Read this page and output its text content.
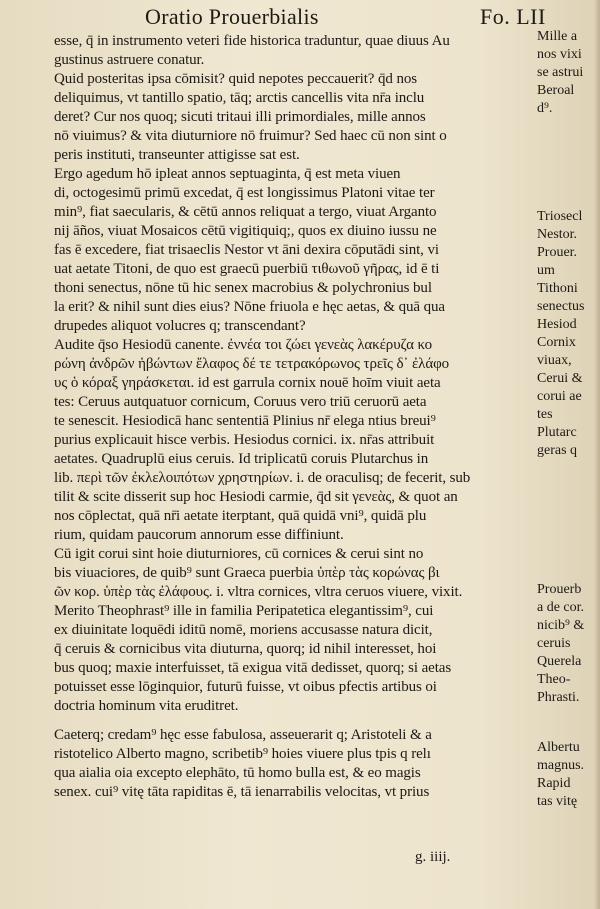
Oratio Prouerbialis	Fo. LII
esse, q̄ in instrumento veteri fide historica traduntur, quae diuus Au
gustinus astruere conatur.
Quid posteritas ipsa cōmisit? quid nepotes peccauerit? q̄d nos
deliquimus, vt tantillo spatio, tāq; arctis cancellis vita nr̄a inclu
deret? Cur nos quoq; sicuti tritaui illi primordiales, mille annos
nō viuimus? & vita diuturniore nō fruimur? Sed haec cū non sint o
peris instituti, transeunter attigisse sat est.
Ergo agedum hō ipleat annos septuaginta, q̄ est meta viuen
di, octogesimū primū excedat, q̄ est longissimus Platoni vitae ter
min⁹, fiat saecularis, & cētū annos reliquat a tergo, viuat Arganto
nij āños, viuat Mosaicos cētū vigitiquiq;, quos ex diuino iussu ne
fas ē excedere, fiat trisaeclis Nestor vt āni dexira cōputādi sint, vi
uat aetate Titoni, de quo est graecū puerbiū τιθωνοῦ γῆρας, id ē ti
thoni senectus, nōne tū hic senex macrobius & polychronius bul
la erit? & nihil sunt dies eius? Nōne friuola e hęc aetas, & quā qua
drupedes aliquot volucres q; transcendant?
Audite q̄so Hesiodū canente. ἐννέα τοι ζώει γενεὰς λακέρυζα κο
ρώνη ἀνδρῶν ἡβώντων ἔλαφος δέ τε τετρακόρωνος τρεῖς δ᾽ ἐλάφο
υς ὁ κόραξ γηράσκεται. id est garrula cornix nouē hoīm viuit aeta
tes: Ceruus autquatuor cornicum, Coruus vero triū ceruorū aeta
te senescit. Hesiodicā hanc sententiā Plinius nr̄ elega ntius breui⁹
purius explicauit hisce verbis. Hesiodus cornici. ix. nr̄as attribuit
aetates. Quadruplū eius ceruis. Id triplicatū coruis Plutarchus in
lib. περὶ τῶν ἐκλελοιπότων χρηστηρίων. i. de oraculisq; de fecerit, sub
tilit & scite disserit sup hoc Hesiodi carmie, q̄d sit γενεὰς, & quot an
nos cōplectat, quā nr̄i aetate iterptant, quā quidā vni⁹, quidā plu
rium, quidam paucorum annorum esse diffiniunt.
Cū igit corui sint hoie diuturniores, cū cornices & cerui sint no
bis viuaciores, de quib⁹ sunt Graeca puerbia ὑπὲρ τὰς κορώνας βι
ῶν κορ. ὑπὲρ τὰς ἐλάφους. i. vltra cornices, vltra ceruos viuere, vixit.
Merito Theophrast⁹ ille in familia Peripatetica elegantissim⁹, cui
ex diuinitate loquēdi iditū nomē, moriens accusasse natura dicit,
q̄ ceruis & cornicibus vita diuturna, quorq; id nihil interesset, hoi
bus quoq; maxie interfuisset, tā exigua vitā dedisset, quorq; si aetas
potuisset esse lōginquior, futurū fuisse, vt oibus pfectis artibus oi
doctria hominum vita eruditret.
Caeterq; credam⁹ hęc esse fabulosa, asseuerarit q; Aristoteli & a
ristotelico Alberto magno, scribetib⁹ hoies viuere plus tpis q relı
qua aialia oia excepto elephāto, tū homo bulla est, & eo magis
senex. cui⁹ vitę tāta rapiditas ē, tā ienarrabilis velocitas, vt prius
Mille a
nos vixi
se astrui
Beroal
d⁹.
Triosecl
Nestor.
Prouer.
um
Tithoni
senectus
Hesiod
Cornix
viuax,
Cerui &
corui ae
tes
Plutarc
geras q
Prouerb
a de cor.
nicib⁹ &
ceruis
Querela
Theo-
Phrasti.
Albertu
magnus.
Rapid
tas vitę
g. iiij.
